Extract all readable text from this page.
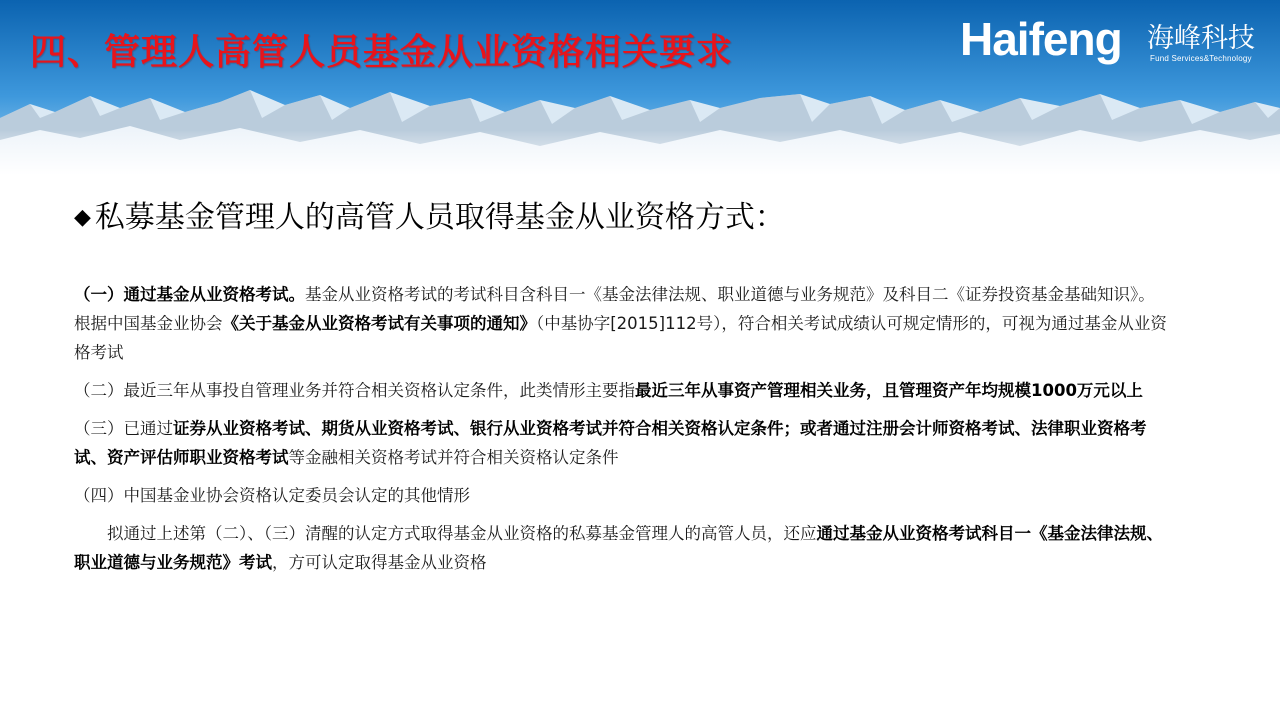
四、管理人高管人员基金从业资格相关要求	Haifeng 海峰科技
Fund Services&Technology
◆ 私募基金管理人的高管人员取得基金从业资格方式：

（一）通过基金从业资格考试。基金从业资格考试的考试科目含科目一《基金法律法规、职业道德与业务规范》及科目二《证券投资基金基础知识》。根据中国基金业协会《关于基金从业资格考试有关事项的通知》（中基协字[2015]112号），符合相关考试成绩认可规定情形的，可视为通过基金从业资格考试

（二）最近三年从事投自管理业务并符合相关资格认定条件，此类情形主要指最近三年从事资产管理相关业务，且管理资产年均规模1000万元以上

（三）已通过证券从业资格考试、期货从业资格考试、银行从业资格考试并符合相关资格认定条件；或者通过注册会计师资格考试、法律职业资格考试、资产评估师职业资格考试等金融相关资格考试并符合相关资格认定条件

（四）中国基金业协会资格认定委员会认定的其他情形

拟通过上述第（二）、（三）清醒的认定方式取得基金从业资格的私募基金管理人的高管人员，还应通过基金从业资格考试科目一《基金法律法规、职业道德与业务规范》考试，方可认定取得基金从业资格
